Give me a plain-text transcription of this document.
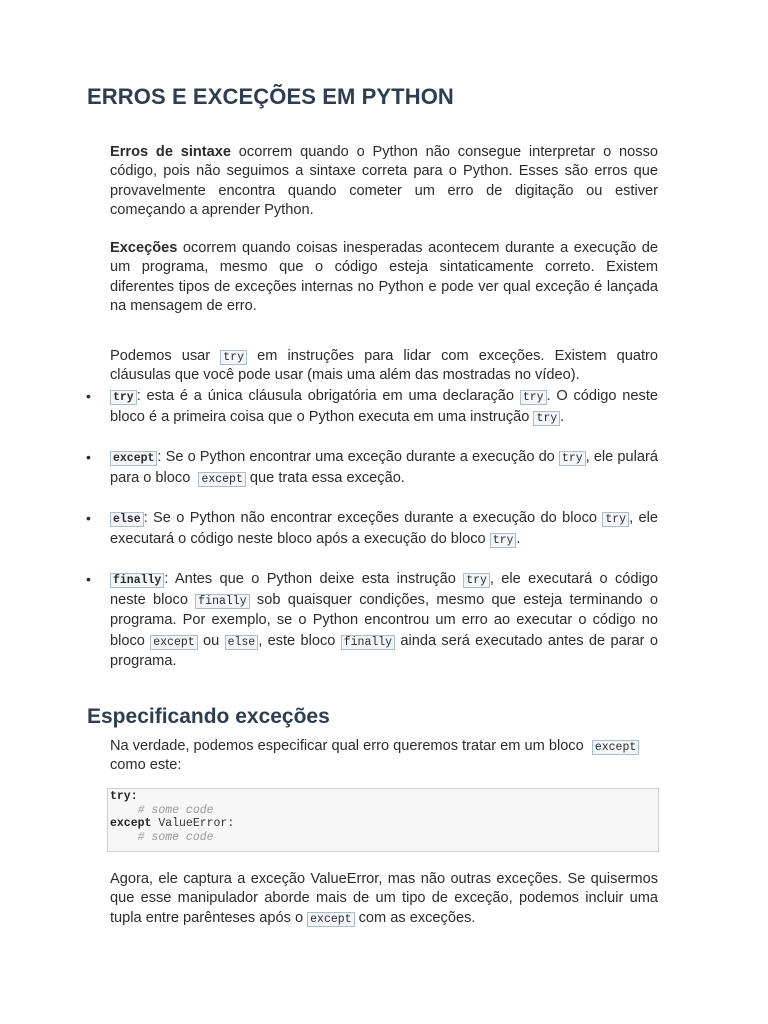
ERROS E EXCEÇÕES EM PYTHON

Erros de sintaxe ocorrem quando o Python não consegue interpretar o nosso código, pois não seguimos a sintaxe correta para o Python. Esses são erros que provavelmente encontra quando cometer um erro de digitação ou estiver começando a aprender Python.

Exceções ocorrem quando coisas inesperadas acontecem durante a execução de um programa, mesmo que o código esteja sintaticamente correto. Existem diferentes tipos de exceções internas no Python e pode ver qual exceção é lançada na mensagem de erro.

Podemos usar try em instruções para lidar com exceções. Existem quatro cláusulas que você pode usar (mais uma além das mostradas no vídeo).

• try : esta é a única cláusula obrigatória em uma declaração try . O código neste bloco é a primeira coisa que o Python executa em uma instrução try .

• except : Se o Python encontrar uma exceção durante a execução do try , ele pulará para o bloco  except que trata essa exceção.

• else : Se o Python não encontrar exceções durante a execução do bloco try , ele executará o código neste bloco após a execução do bloco try .

• finally : Antes que o Python deixe esta instrução try , ele executará o código neste bloco finally sob quaisquer condições, mesmo que esteja terminando o programa. Por exemplo, se o Python encontrou um erro ao executar o código no bloco except ou else , este bloco finally ainda será executado antes de parar o programa.

Especificando exceções

Na verdade, podemos especificar qual erro queremos tratar em um bloco  except
como este:

try:
# some code
except ValueError:
# some code

Agora, ele captura a exceção ValueError, mas não outras exceções. Se quisermos que esse manipulador aborde mais de um tipo de exceção, podemos incluir uma tupla entre parênteses após o except com as exceções.
